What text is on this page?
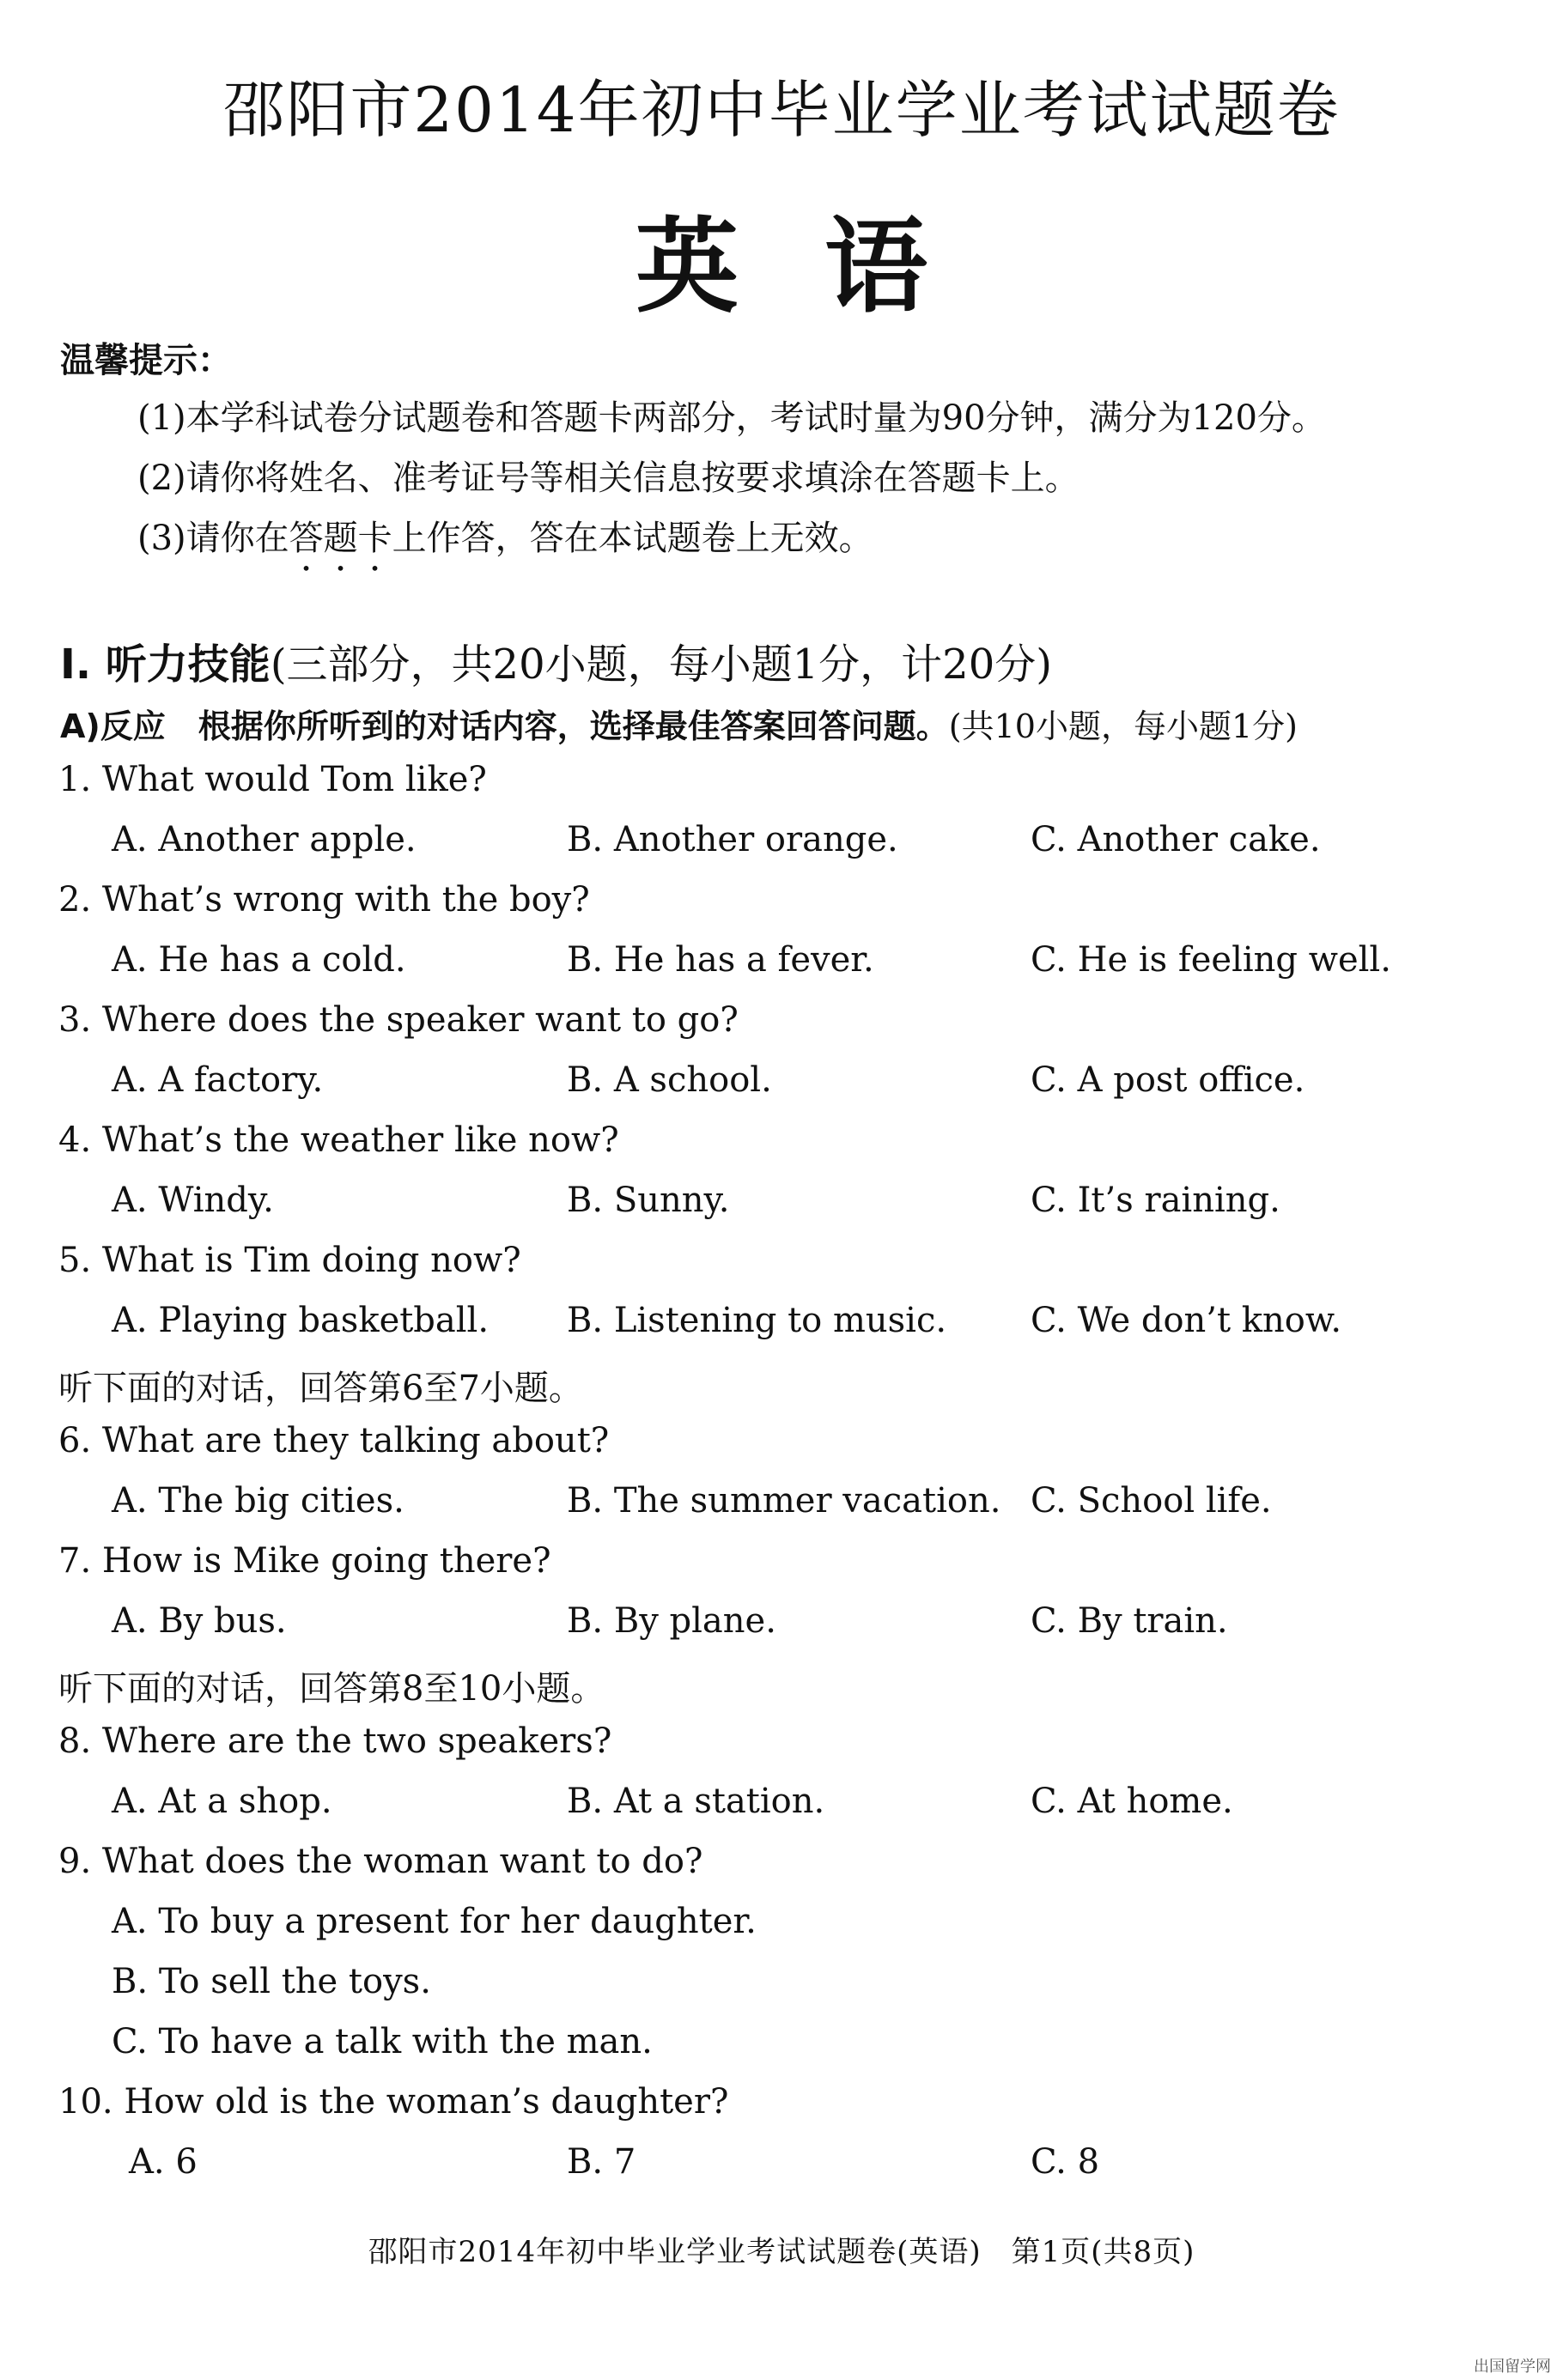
邵阳市2014年初中毕业学业考试试题卷
英语
温馨提示：
(1)本学科试卷分试题卷和答题卡两部分，考试时量为90分钟，满分为120分。
(2)请你将姓名、准考证号等相关信息按要求填涂在答题卡上。
(3)请你在答题卡上作答，答在本试题卷上无效。
Ⅰ. 听力技能(三部分，共20小题，每小题1分，计20分)
A)反应　根据你所听到的对话内容，选择最佳答案回答问题。(共10小题，每小题1分)
1. What would Tom like?
A. Another apple.	B. Another orange.	C. Another cake.
2. What’s wrong with the boy?
A. He has a cold.	B. He has a fever.	C. He is feeling well.
3. Where does the speaker want to go?
A. A factory.	B. A school.	C. A post office.
4. What’s the weather like now?
A. Windy.	B. Sunny.	C. It’s raining.
5. What is Tim doing now?
A. Playing basketball. B. Listening to music. C. We don’t know.
听下面的对话，回答第6至7小题。
6. What are they talking about?
A. The big cities.	B. The summer vacation. C. School life.
7. How is Mike going there?
A. By bus.	B. By plane.	C. By train.
听下面的对话，回答第8至10小题。
8. Where are the two speakers?
A. At a shop.	B. At a station.	C. At home.
9. What does the woman want to do?
A. To buy a present for her daughter.
B. To sell the toys.
C. To have a talk with the man.
10. How old is the woman’s daughter?
A. 6	B. 7	C. 8
邵阳市2014年初中毕业学业考试试题卷(英语)　第1页(共8页)
出国留学网
